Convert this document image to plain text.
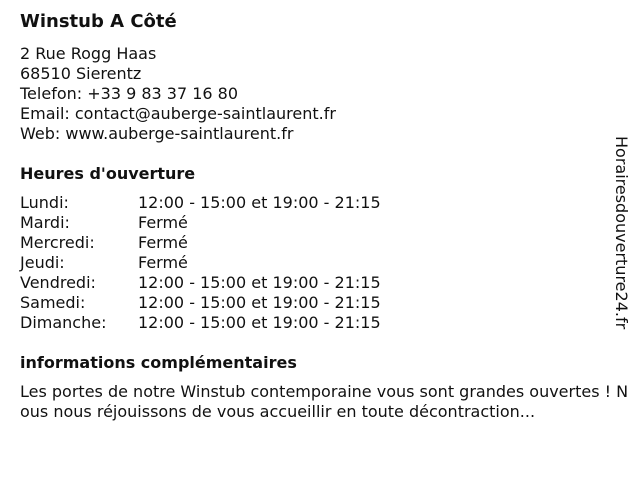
Winstub A Côté
2 Rue Rogg Haas
68510 Sierentz
Telefon: +33 9 83 37 16 80
Email: contact@auberge-saintlaurent.fr
Web: www.auberge-saintlaurent.fr
Heures d'ouverture
Lundi:	12:00 - 15:00 et 19:00 - 21:15
Mardi:	Fermé
Mercredi:	Fermé
Jeudi:	Fermé
Vendredi:	12:00 - 15:00 et 19:00 - 21:15
Samedi:	12:00 - 15:00 et 19:00 - 21:15
Dimanche:	12:00 - 15:00 et 19:00 - 21:15
informations complémentaires
Les portes de notre Winstub contemporaine vous sont grandes ouvertes ! Nous nous réjouissons de vous accueillir en toute décontraction...
Horairesdouverture24.fr
